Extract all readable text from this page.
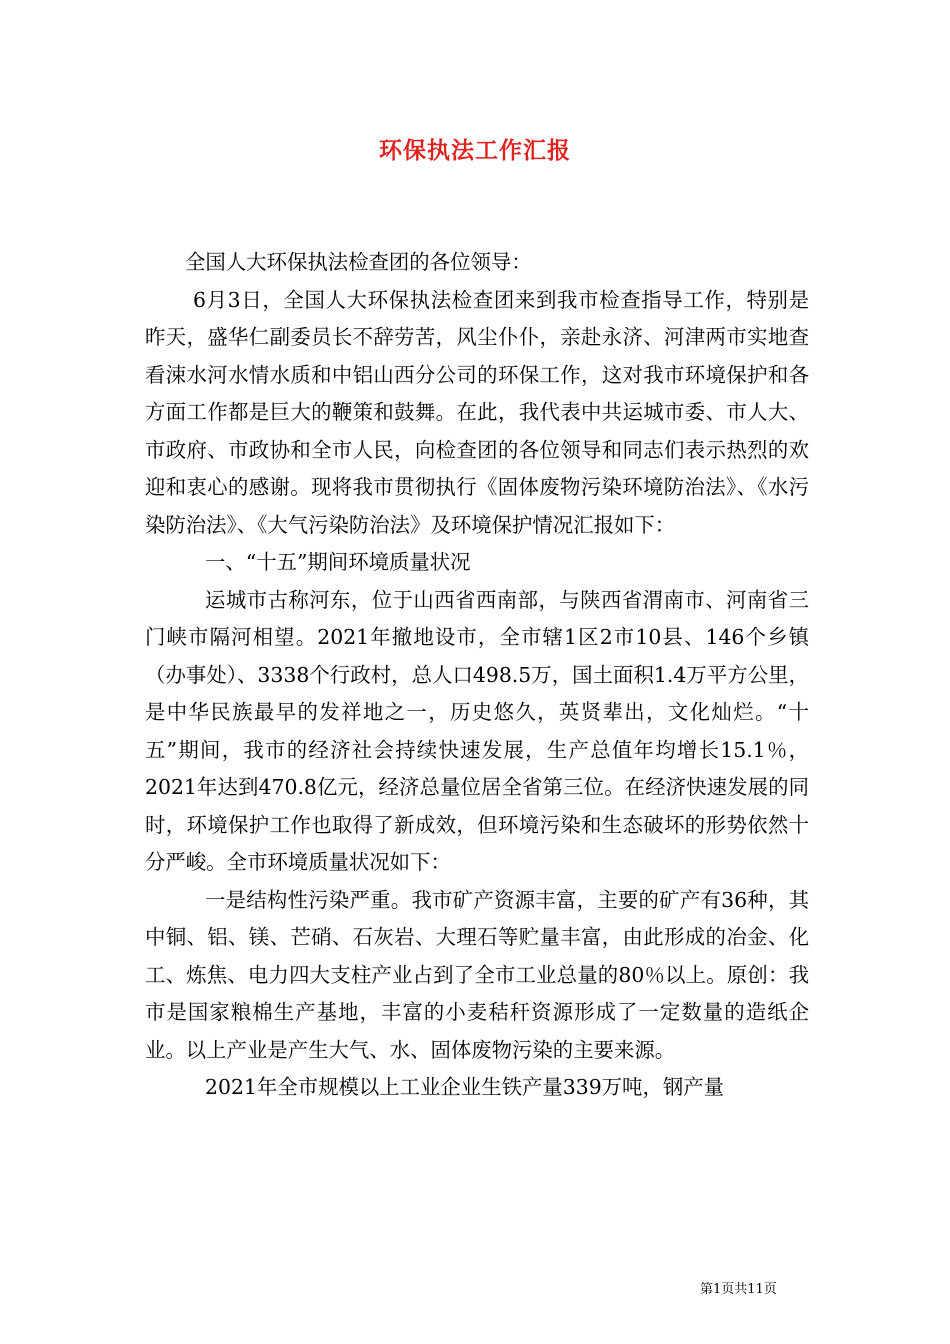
环保执法工作汇报

全国人大环保执法检查团的各位领导：

6月3日，全国人大环保执法检查团来到我市检查指导工作，特别是昨天，盛华仁副委员长不辞劳苦，风尘仆仆，亲赴永济、河津两市实地查看涑水河水情水质和中铝山西分公司的环保工作，这对我市环境保护和各方面工作都是巨大的鞭策和鼓舞。在此，我代表中共运城市委、市人大、市政府、市政协和全市人民，向检查团的各位领导和同志们表示热烈的欢迎和衷心的感谢。现将我市贯彻执行《固体废物污染环境防治法》、《水污染防治法》、《大气污染防治法》及环境保护情况汇报如下：

一、“十五”期间环境质量状况

运城市古称河东，位于山西省西南部，与陕西省渭南市、河南省三门峡市隔河相望。2021年撤地设市，全市辖1区2市10县、146个乡镇（办事处）、3338个行政村，总人口498.5万，国土面积1.4万平方公里，是中华民族最早的发祥地之一，历史悠久，英贤辈出，文化灿烂。“十五”期间，我市的经济社会持续快速发展，生产总值年均增长15.1％，2021年达到470.8亿元，经济总量位居全省第三位。在经济快速发展的同时，环境保护工作也取得了新成效，但环境污染和生态破坏的形势依然十分严峻。全市环境质量状况如下：

一是结构性污染严重。我市矿产资源丰富，主要的矿产有36种，其中铜、铝、镁、芒硝、石灰岩、大理石等贮量丰富，由此形成的冶金、化工、炼焦、电力四大支柱产业占到了全市工业总量的80％以上。原创：我市是国家粮棉生产基地，丰富的小麦秸秆资源形成了一定数量的造纸企业。以上产业是产生大气、水、固体废物污染的主要来源。

2021年全市规模以上工业企业生铁产量339万吨，钢产量

第1页共11页
